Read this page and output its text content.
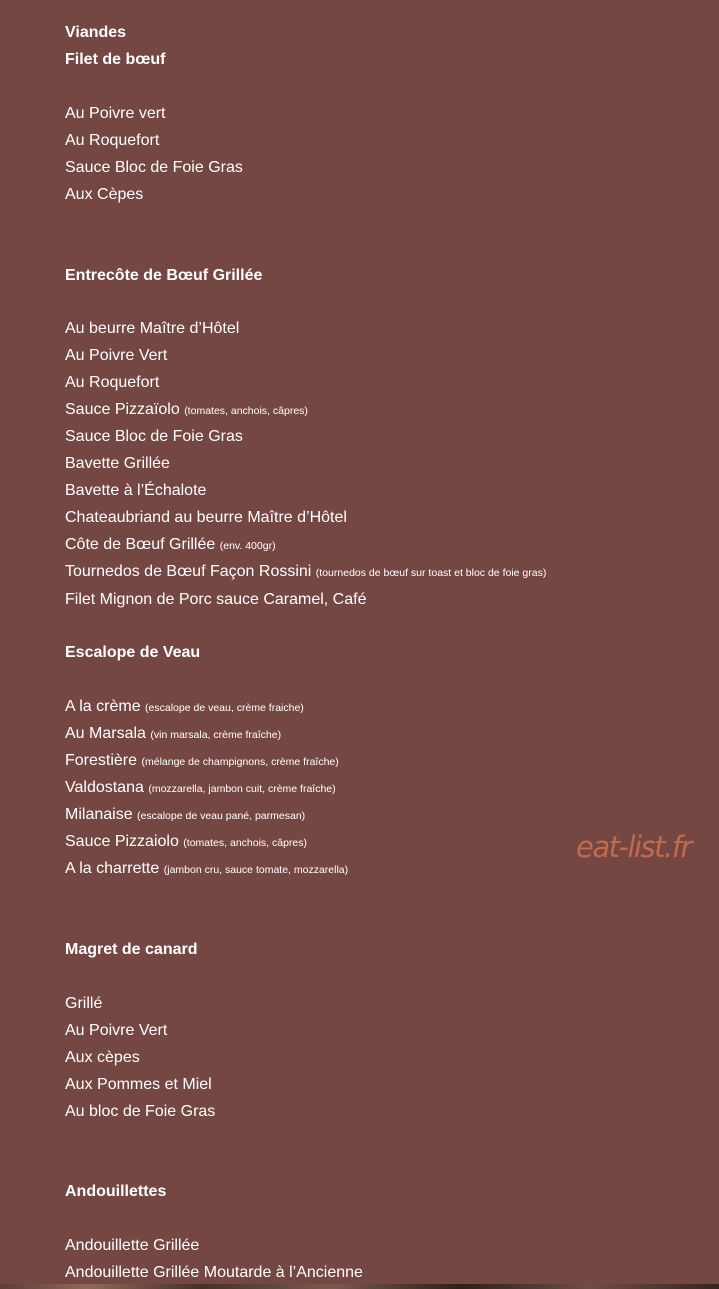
Viandes
Filet de bœuf
Au Poivre vert
Au Roquefort
Sauce Bloc de Foie Gras
Aux Cèpes
Entrecôte de Bœuf Grillée
Au beurre Maître d’Hôtel
Au Poivre Vert
Au Roquefort
Sauce Pizzaïolo (tomates, anchois, câpres)
Sauce Bloc de Foie Gras
Bavette Grillée
Bavette à l’Échalote
Chateaubriand au beurre Maître d’Hôtel
Côte de Bœuf Grillée (env. 400gr)
Tournedos de Bœuf Façon Rossini (tournedos de bœuf sur toast et bloc de foie gras)
Filet Mignon de Porc sauce Caramel, Café
Escalope de Veau
A la crème (escalope de veau, crème fraiche)
Au Marsala (vin marsala, crème fraîche)
Forestière (mélange de champignons, crème fraîche)
Valdostana (mozzarella, jambon cuit, crème fraîche)
Milanaise (escalope de veau pané, parmesan)
Sauce Pizzaiolo (tomates, anchois, câpres)
A la charrette (jambon cru, sauce tomate, mozzarella)
Magret de canard
Grillé
Au Poivre Vert
Aux cèpes
Aux Pommes et Miel
Au bloc de Foie Gras
Andouillettes
Andouillette Grillée
Andouillette Grillée Moutarde à l’Ancienne
eat-list.fr
